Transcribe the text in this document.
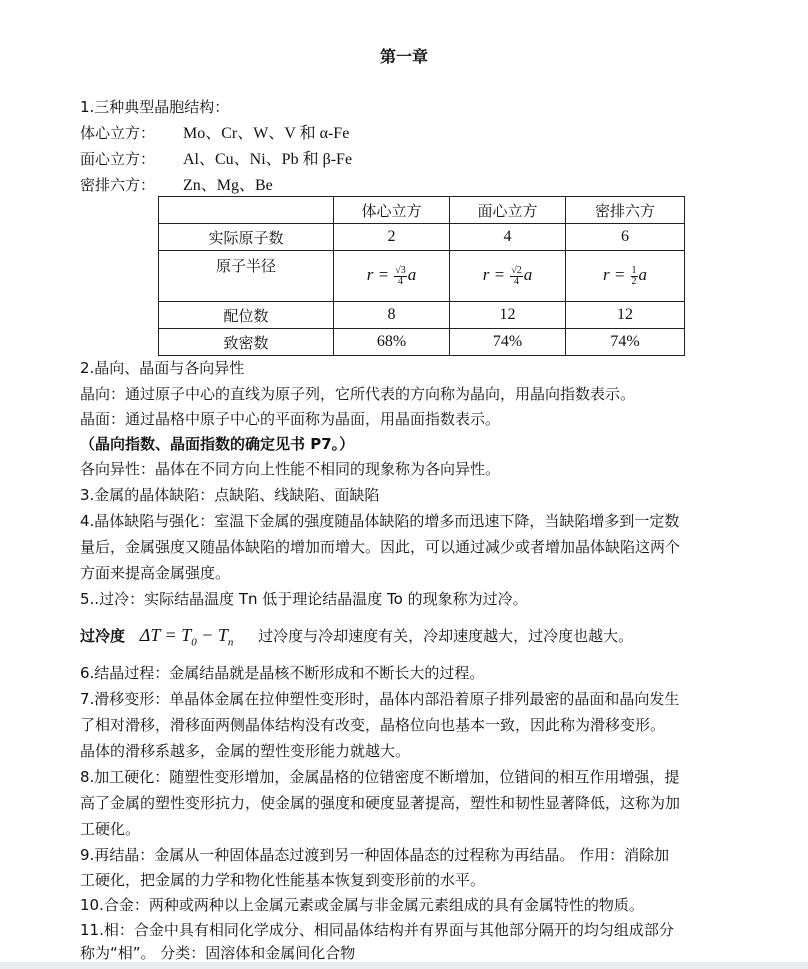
第一章
1.三种典型晶胞结构：
体心立方： Mo、Cr、W、V 和 α-Fe
面心立方： Al、Cu、Ni、Pb 和 β-Fe
密排六方： Zn、Mg、Be
	体心立方	面心立方	密排六方
实际原子数	2	4	6
原子半径	$r = \frac{√3}{4}$ a	$r = \frac{√2}{4}$ a	$r = \frac{1}{2}$ a
配位数	8	12	12
致密数	68%	74%	74%
2.晶向、晶面与各向异性
晶向：通过原子中心的直线为原子列，它所代表的方向称为晶向，用晶向指数表示。
晶面：通过晶格中原子中心的平面称为晶面，用晶面指数表示。
（晶向指数、晶面指数的确定见书 P7。）
各向异性：晶体在不同方向上性能不相同的现象称为各向异性。
3.金属的晶体缺陷：点缺陷、线缺陷、面缺陷
4.晶体缺陷与强化：室温下金属的强度随晶体缺陷的增多而迅速下降，当缺陷增多到一定数
量后，金属强度又随晶体缺陷的增加而增大。因此，可以通过减少或者增加晶体缺陷这两个
方面来提高金属强度。
5..过冷：实际结晶温度 Tn 低于理论结晶温度 To 的现象称为过冷。
过冷度 $\Delta T = T_0 - T_n$ 过冷度与冷却速度有关，冷却速度越大，过冷度也越大。
6.结晶过程：金属结晶就是晶核不断形成和不断长大的过程。
7.滑移变形：单晶体金属在拉伸塑性变形时，晶体内部沿着原子排列最密的晶面和晶向发生
了相对滑移，滑移面两侧晶体结构没有改变，晶格位向也基本一致，因此称为滑移变形。
晶体的滑移系越多，金属的塑性变形能力就越大。
8.加工硬化：随塑性变形增加，金属晶格的位错密度不断增加，位错间的相互作用增强，提
高了金属的塑性变形抗力，使金属的强度和硬度显著提高，塑性和韧性显著降低，这称为加
工硬化。
9.再结晶：金属从一种固体晶态过渡到另一种固体晶态的过程称为再结晶。 作用：消除加
工硬化，把金属的力学和物化性能基本恢复到变形前的水平。
10.合金：两种或两种以上金属元素或金属与非金属元素组成的具有金属特性的物质。
11.相：合金中具有相同化学成分、相同晶体结构并有界面与其他部分隔开的均匀组成部分
称为“相”。 分类：固溶体和金属间化合物
